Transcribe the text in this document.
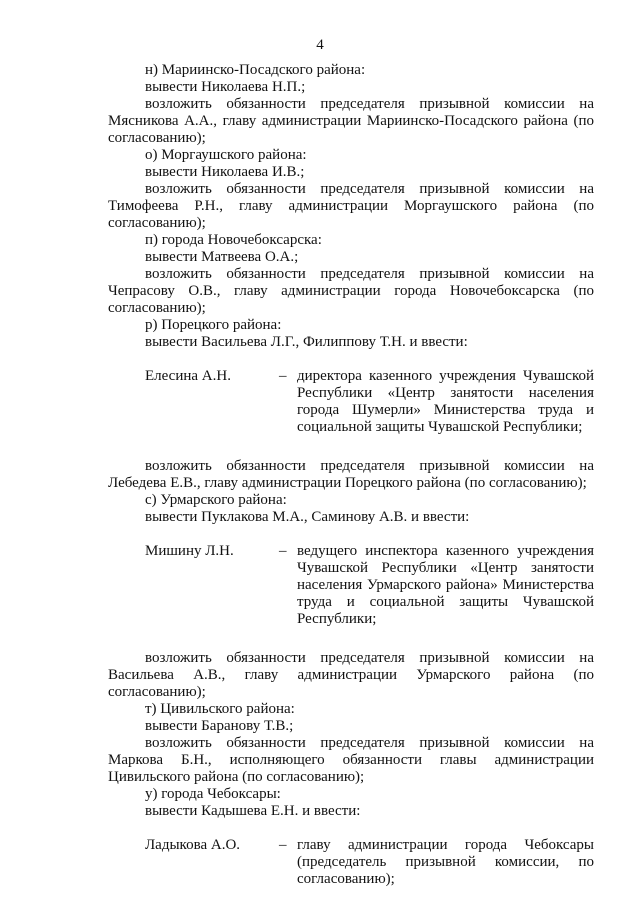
4

н) Мариинско-Посадского района:

вывести Николаева Н.П.;

возложить обязанности председателя призывной комиссии на Мясникова А.А., главу администрации Мариинско-Посадского района (по согласованию);

о) Моргаушского района:

вывести Николаева И.В.;

возложить обязанности председателя призывной комиссии на Тимофеева Р.Н., главу администрации Моргаушского района (по согласованию);

п) города Новочебоксарска:

вывести Матвеева О.А.;

возложить обязанности председателя призывной комиссии на Чепрасову О.В., главу администрации города Новочебоксарска (по согласованию);

р) Порецкого района:

вывести Васильева Л.Г., Филиппову Т.Н. и ввести:

Елесина А.Н.	– директора казенного учреждения Чувашской Республики «Центр занятости населения города Шумерли» Министерства труда и социальной защиты Чувашской Республики;

возложить обязанности председателя призывной комиссии на Лебедева Е.В., главу администрации Порецкого района (по согласованию);

с) Урмарского района:

вывести Пуклакова М.А., Саминову А.В. и ввести:

Мишину Л.Н.	– ведущего инспектора казенного учреждения Чувашской Республики «Центр занятости населения Урмарского района» Министерства труда и социальной защиты Чувашской Республики;

возложить обязанности председателя призывной комиссии на Васильева А.В., главу администрации Урмарского района (по согласованию);

т) Цивильского района:

вывести Баранову Т.В.;

возложить обязанности председателя призывной комиссии на Маркова Б.Н., исполняющего обязанности главы администрации Цивильского района (по согласованию);

у) города Чебоксары:

вывести Кадышева Е.Н. и ввести:

Ладыкова А.О.	– главу администрации города Чебоксары (председатель призывной комиссии, по согласованию);
